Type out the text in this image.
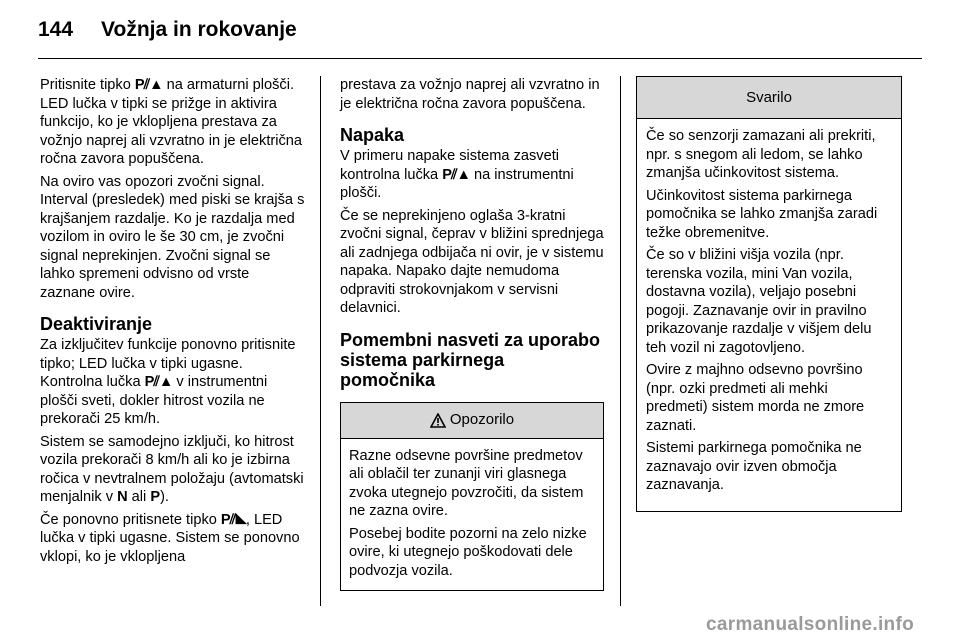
144 Vožnja in rokovanje

Pritisnite tipko P⫽▲ na armaturni plošči. LED lučka v tipki se prižge in aktivira funkcijo, ko je vklopljena prestava za vožnjo naprej ali vzvratno in je električna ročna zavora popuščena.

Na oviro vas opozori zvočni signal. Interval (presledek) med piski se krajša s krajšanjem razdalje. Ko je razdalja med vozilom in oviro le še 30 cm, je zvočni signal neprekinjen. Zvočni signal se lahko spremeni odvisno od vrste zaznane ovire.

Deaktiviranje

Za izključitev funkcije ponovno pritisnite tipko; LED lučka v tipki ugasne. Kontrolna lučka P⫽▲ v instrumentni plošči sveti, dokler hitrost vozila ne prekorači 25 km/h.

Sistem se samodejno izključi, ko hitrost vozila prekorači 8 km/h ali ko je izbirna ročica v nevtralnem položaju (avtomatski menjalnik v N ali P).

Če ponovno pritisnete tipko P⫽◣, LED lučka v tipki ugasne. Sistem se ponovno vklopi, ko je vklopljena

prestava za vožnjo naprej ali vzvratno in je električna ročna zavora popuščena.

Napaka

V primeru napake sistema zasveti kontrolna lučka P⫽▲ na instrumentni plošči.

Če se neprekinjeno oglaša 3-kratni zvočni signal, čeprav v bližini sprednjega ali zadnjega odbijača ni ovir, je v sistemu napaka. Napako dajte nemudoma odpraviti strokovnjakom v servisni delavnici.

Pomembni nasveti za uporabo sistema parkirnega pomočnika
Opozorilo

Razne odsevne površine predmetov ali oblačil ter zunanji viri glasnega zvoka utegnejo povzročiti, da sistem ne zazna ovire.

Posebej bodite pozorni na zelo nizke ovire, ki utegnejo poškodovati dele podvozja vozila.

Svarilo

Če so senzorji zamazani ali prekriti, npr. s snegom ali ledom, se lahko zmanjša učinkovitost sistema.

Učinkovitost sistema parkirnega pomočnika se lahko zmanjša zaradi težke obremenitve.

Če so v bližini višja vozila (npr. terenska vozila, mini Van vozila, dostavna vozila), veljajo posebni pogoji. Zaznavanje ovir in pravilno prikazovanje razdalje v višjem delu teh vozil ni zagotovljeno.

Ovire z majhno odsevno površino (npr. ozki predmeti ali mehki predmeti) sistem morda ne zmore zaznati.

Sistemi parkirnega pomočnika ne zaznavajo ovir izven območja zaznavanja.

carmanualsonline.info
